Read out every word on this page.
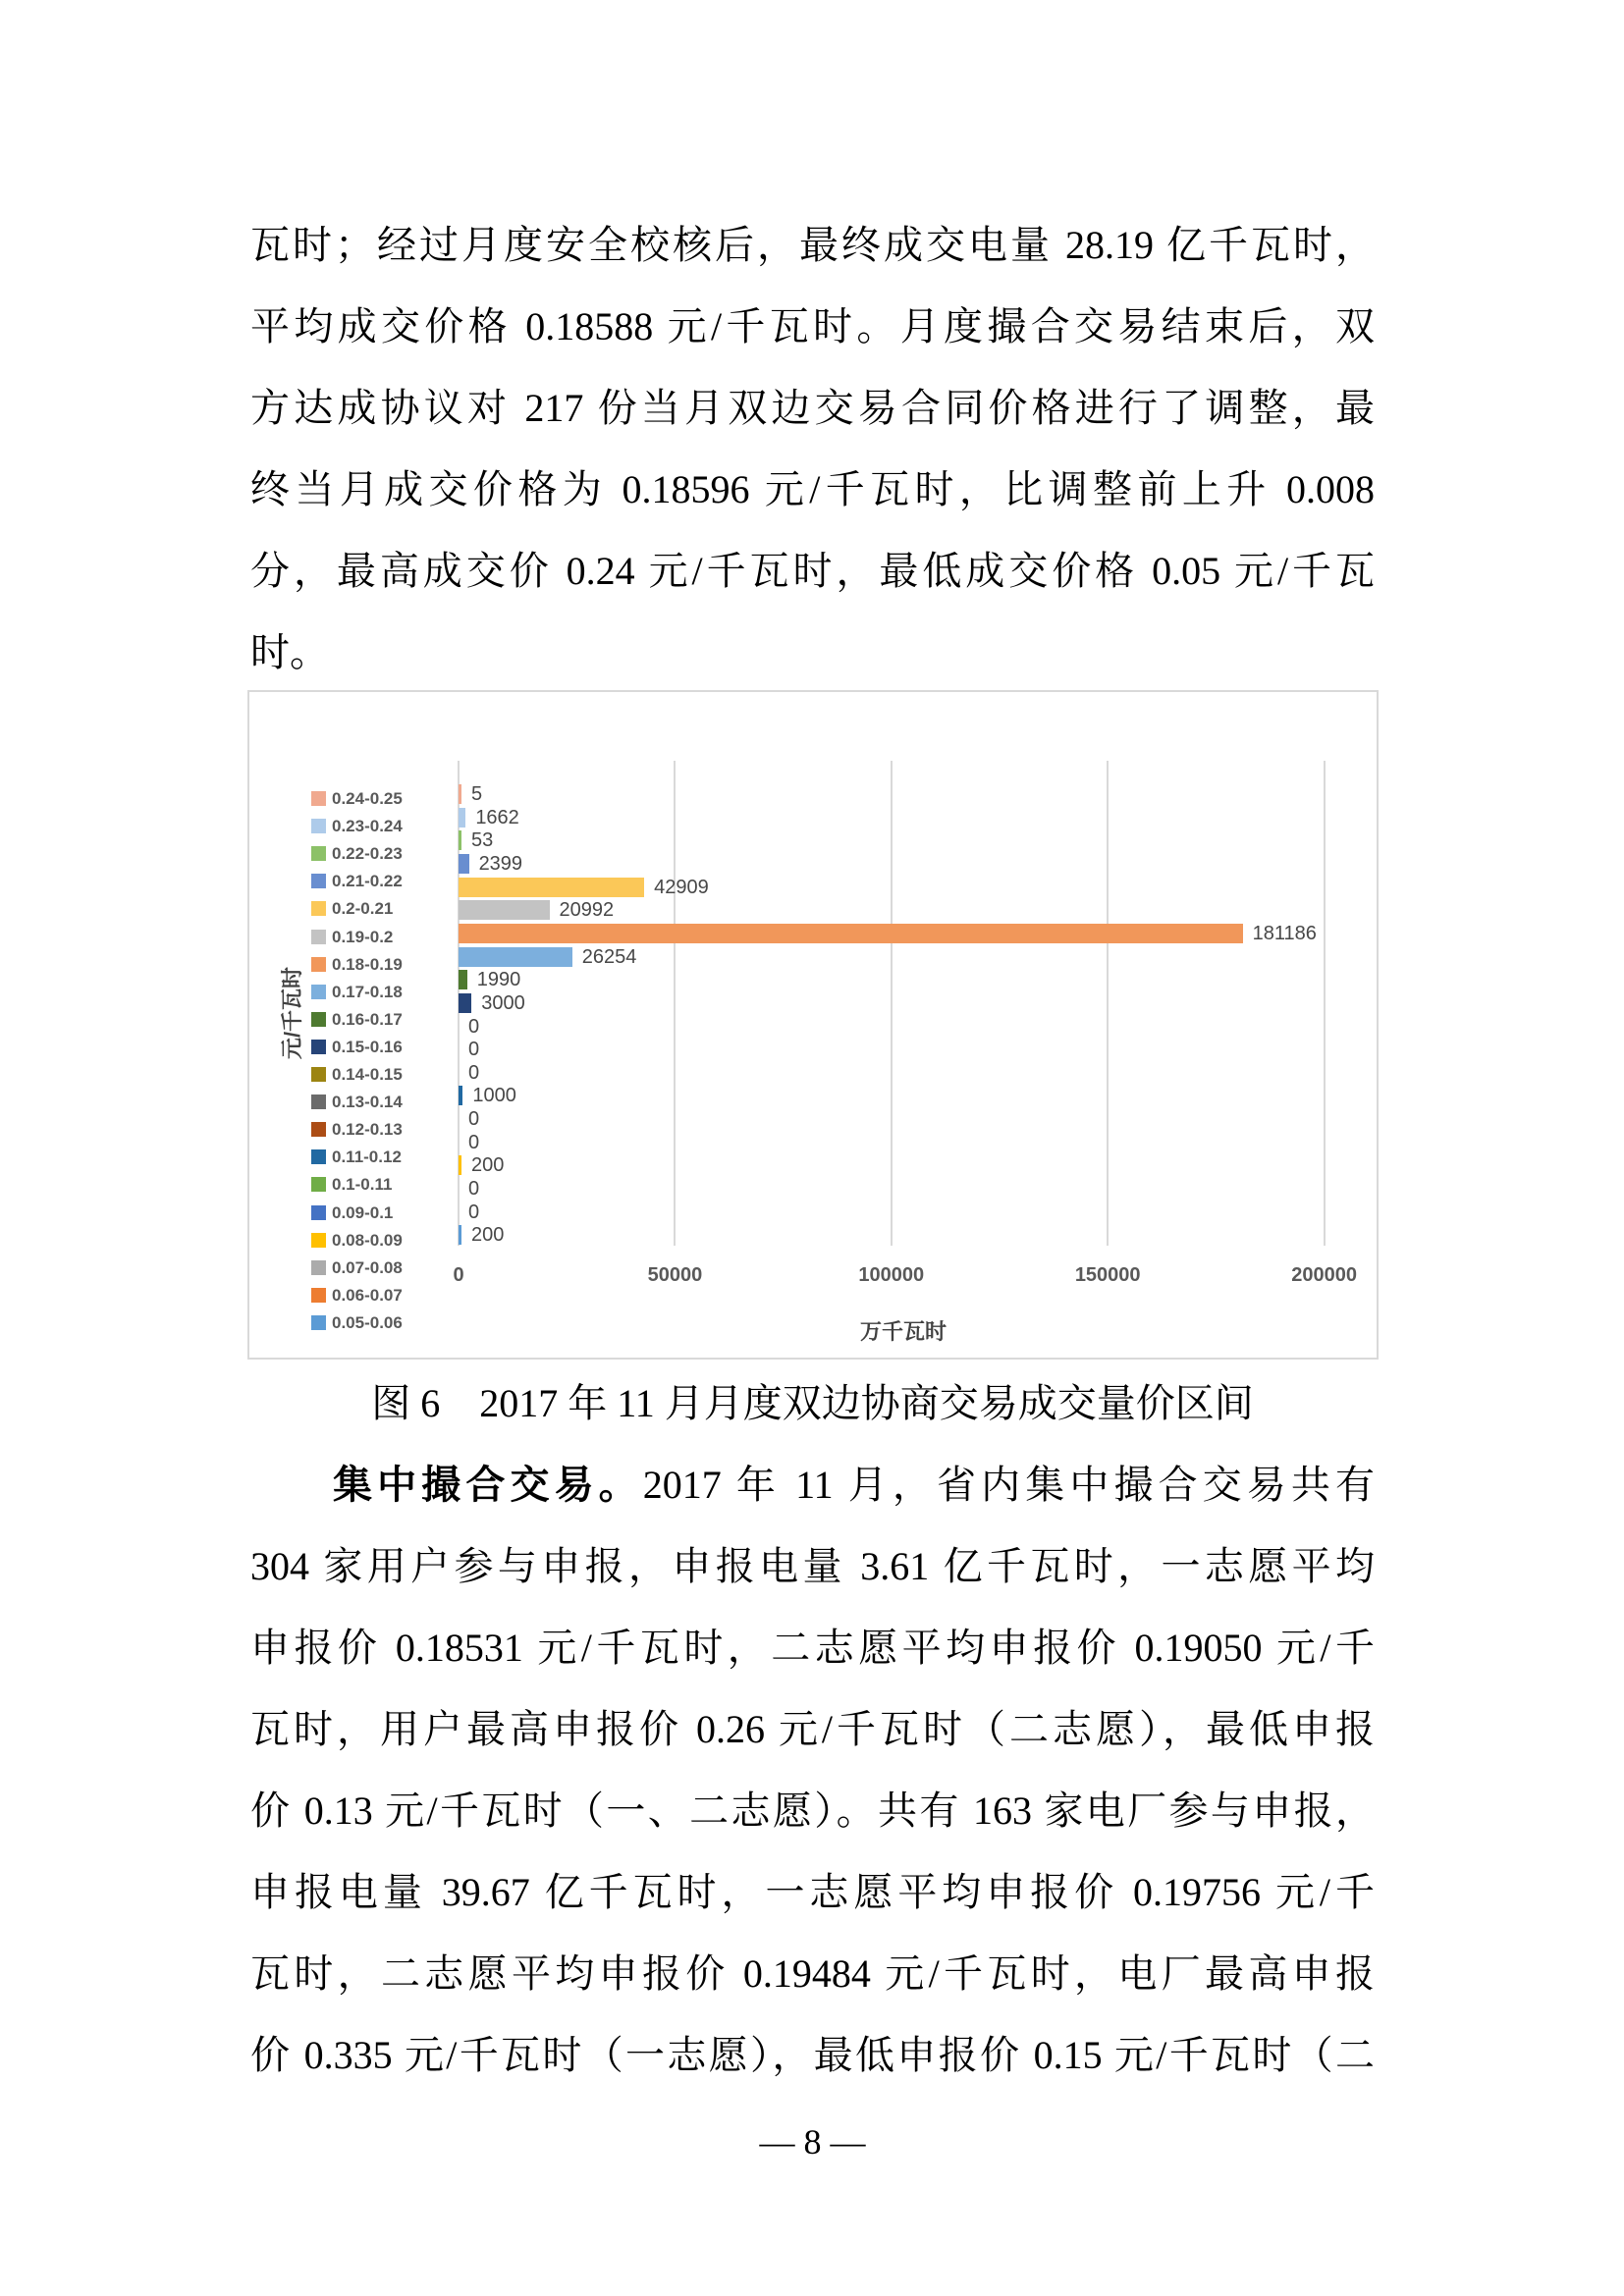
瓦时；经过月度安全校核后，最终成交电量 28.19 亿千瓦时，
平均成交价格 0.18588 元/千瓦时。月度撮合交易结束后，双
方达成协议对 217 份当月双边交易合同价格进行了调整，最
终当月成交价格为 0.18596 元/千瓦时，比调整前上升 0.008
分，最高成交价 0.24 元/千瓦时，最低成交价格 0.05 元/千瓦
时。
0	50000	100000	150000	200000
5
1662
53
2399
42909
20992
181186
26254
1990
3000
0
0
0
1000
0
0
200
0
0
200
0.24-0.25
0.23-0.24
0.22-0.23
0.21-0.22
0.2-0.21
0.19-0.2
0.18-0.19
0.17-0.18
0.16-0.17
0.15-0.16
0.14-0.15
0.13-0.14
0.12-0.13
0.11-0.12
0.1-0.11
0.09-0.1
0.08-0.09
0.07-0.08
0.06-0.07
0.05-0.06	万千瓦时
元/千瓦时
图 6　2017 年 11 月月度双边协商交易成交量价区间
集中撮合交易。2017 年 11 月，省内集中撮合交易共有
304 家用户参与申报，申报电量 3.61 亿千瓦时，一志愿平均
申报价 0.18531 元/千瓦时，二志愿平均申报价 0.19050 元/千
瓦时，用户最高申报价 0.26 元/千瓦时（二志愿），最低申报
价 0.13 元/千瓦时（一、二志愿）。共有 163 家电厂参与申报，
申报电量 39.67 亿千瓦时，一志愿平均申报价 0.19756 元/千
瓦时，二志愿平均申报价 0.19484 元/千瓦时，电厂最高申报
价 0.335 元/千瓦时（一志愿），最低申报价 0.15 元/千瓦时（二
— 8 —
